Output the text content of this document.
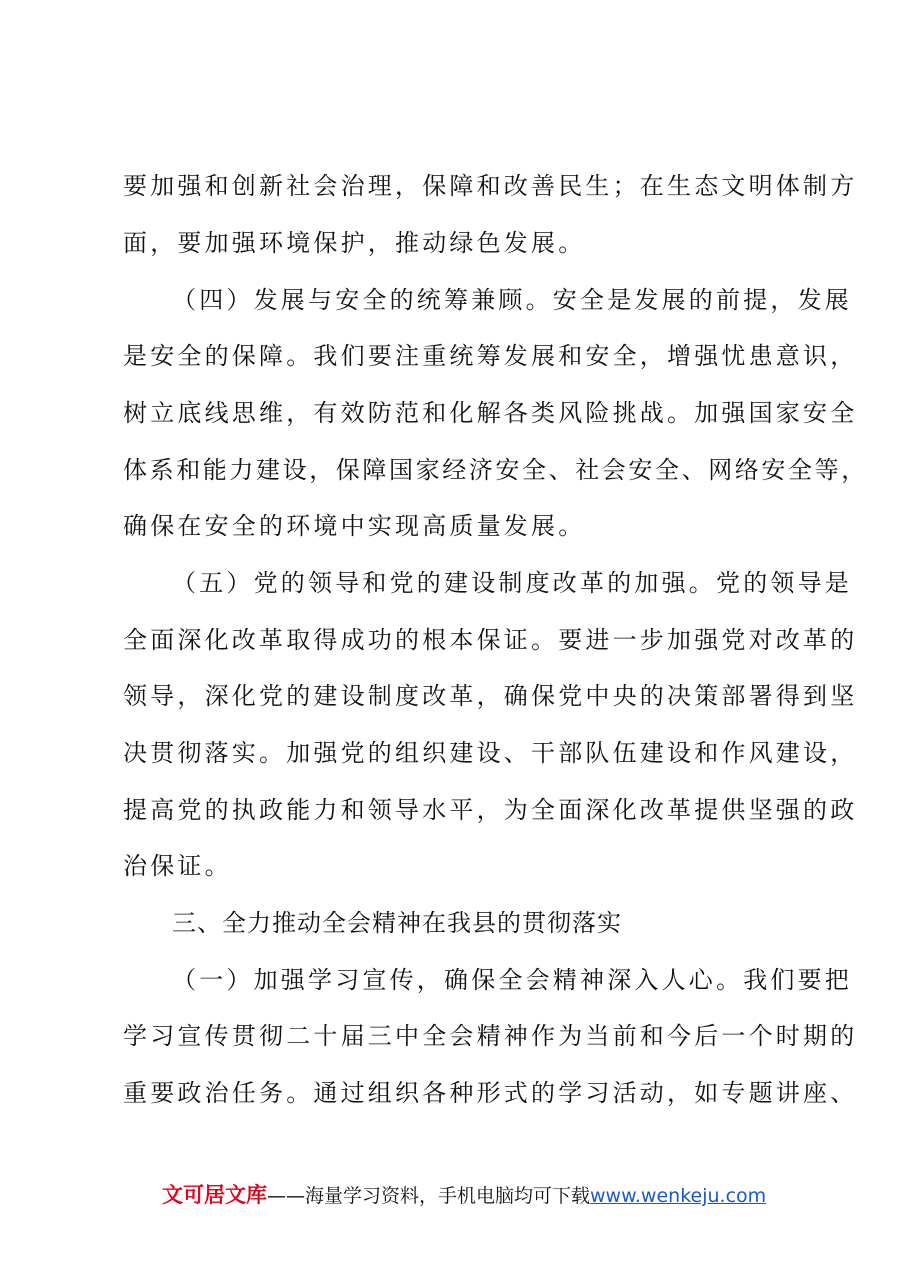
要加强和创新社会治理，保障和改善民生；在生态文明体制方
面，要加强环境保护，推动绿色发展。
（四）发展与安全的统筹兼顾。安全是发展的前提，发展
是安全的保障。我们要注重统筹发展和安全，增强忧患意识，
树立底线思维，有效防范和化解各类风险挑战。加强国家安全
体系和能力建设，保障国家经济安全、社会安全、网络安全等，
确保在安全的环境中实现高质量发展。
（五）党的领导和党的建设制度改革的加强。党的领导是
全面深化改革取得成功的根本保证。要进一步加强党对改革的
领导，深化党的建设制度改革，确保党中央的决策部署得到坚
决贯彻落实。加强党的组织建设、干部队伍建设和作风建设，
提高党的执政能力和领导水平，为全面深化改革提供坚强的政
治保证。
三、全力推动全会精神在我县的贯彻落实
（一）加强学习宣传，确保全会精神深入人心。我们要把
学习宣传贯彻二十届三中全会精神作为当前和今后一个时期的
重要政治任务。通过组织各种形式的学习活动，如专题讲座、
文可居文库——海量学习资料，手机电脑均可下载www.wenkeju.com
